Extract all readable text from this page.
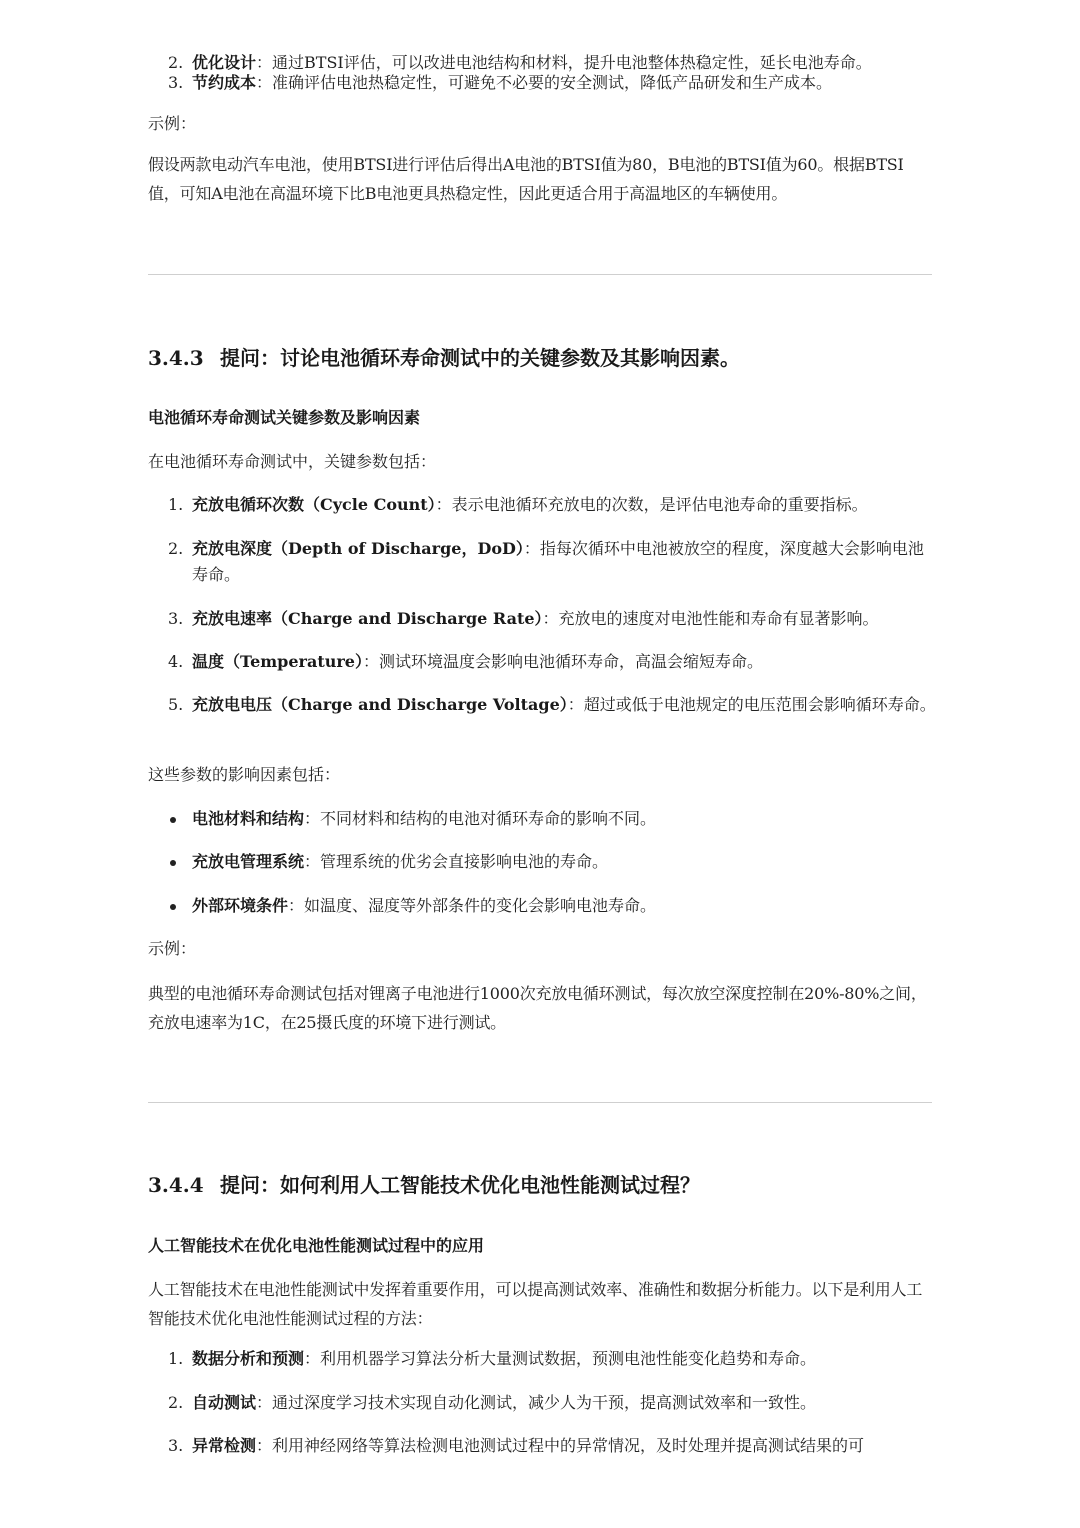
2. 优化设计：通过BTSI评估，可以改进电池结构和材料，提升电池整体热稳定性，延长电池寿命。
3. 节约成本：准确评估电池热稳定性，可避免不必要的安全测试，降低产品研发和生产成本。
示例：
假设两款电动汽车电池，使用BTSI进行评估后得出A电池的BTSI值为80，B电池的BTSI值为60。根据BTSI值，可知A电池在高温环境下比B电池更具热稳定性，因此更适合用于高温地区的车辆使用。
3.4.3 提问：讨论电池循环寿命测试中的关键参数及其影响因素。
电池循环寿命测试关键参数及影响因素
在电池循环寿命测试中，关键参数包括：
1. 充放电循环次数（Cycle Count）：表示电池循环充放电的次数，是评估电池寿命的重要指标。
2. 充放电深度（Depth of Discharge，DoD）：指每次循环中电池被放空的程度，深度越大会影响电池寿命。
3. 充放电速率（Charge and Discharge Rate）：充放电的速度对电池性能和寿命有显著影响。
4. 温度（Temperature）：测试环境温度会影响电池循环寿命，高温会缩短寿命。
5. 充放电电压（Charge and Discharge Voltage）：超过或低于电池规定的电压范围会影响循环寿命。
这些参数的影响因素包括：
电池材料和结构：不同材料和结构的电池对循环寿命的影响不同。
充放电管理系统：管理系统的优劣会直接影响电池的寿命。
外部环境条件：如温度、湿度等外部条件的变化会影响电池寿命。
示例：
典型的电池循环寿命测试包括对锂离子电池进行1000次充放电循环测试，每次放空深度控制在20%-80%之间，充放电速率为1C，在25摄氏度的环境下进行测试。
3.4.4 提问：如何利用人工智能技术优化电池性能测试过程？
人工智能技术在优化电池性能测试过程中的应用
人工智能技术在电池性能测试中发挥着重要作用，可以提高测试效率、准确性和数据分析能力。以下是利用人工智能技术优化电池性能测试过程的方法：
1. 数据分析和预测：利用机器学习算法分析大量测试数据，预测电池性能变化趋势和寿命。
2. 自动测试：通过深度学习技术实现自动化测试，减少人为干预，提高测试效率和一致性。
3. 异常检测：利用神经网络等算法检测电池测试过程中的异常情况，及时处理并提高测试结果的可
